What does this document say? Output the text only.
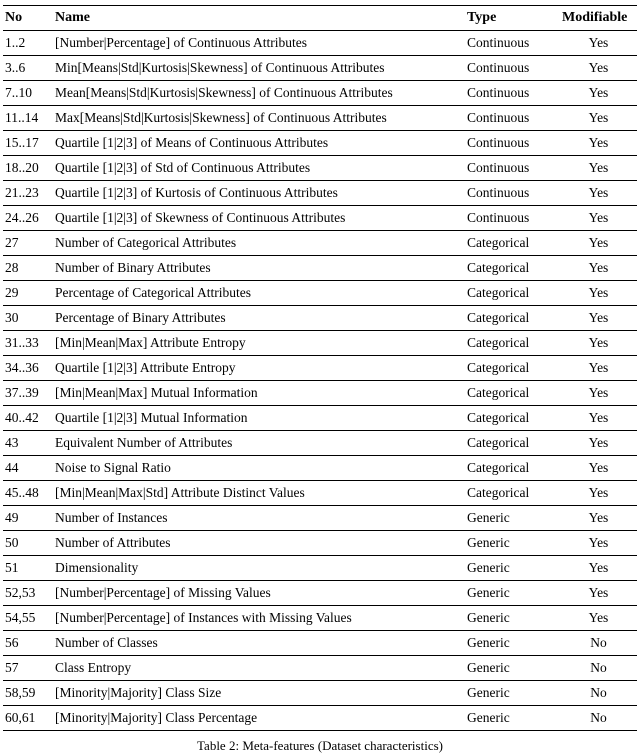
No	Name	Type	Modifiable
1..2	[Number|Percentage] of Continuous Attributes	Continuous	Yes
3..6	Min[Means|Std|Kurtosis|Skewness] of Continuous Attributes	Continuous	Yes
7..10	Mean[Means|Std|Kurtosis|Skewness] of Continuous Attributes	Continuous	Yes
11..14	Max[Means|Std|Kurtosis|Skewness] of Continuous Attributes	Continuous	Yes
15..17	Quartile [1|2|3] of Means of Continuous Attributes	Continuous	Yes
18..20	Quartile [1|2|3] of Std of Continuous Attributes	Continuous	Yes
21..23	Quartile [1|2|3] of Kurtosis of Continuous Attributes	Continuous	Yes
24..26	Quartile [1|2|3] of Skewness of Continuous Attributes	Continuous	Yes
27	Number of Categorical Attributes	Categorical	Yes
28	Number of Binary Attributes	Categorical	Yes
29	Percentage of Categorical Attributes	Categorical	Yes
30	Percentage of Binary Attributes	Categorical	Yes
31..33	[Min|Mean|Max] Attribute Entropy	Categorical	Yes
34..36	Quartile [1|2|3] Attribute Entropy	Categorical	Yes
37..39	[Min|Mean|Max] Mutual Information	Categorical	Yes
40..42	Quartile [1|2|3] Mutual Information	Categorical	Yes
43	Equivalent Number of Attributes	Categorical	Yes
44	Noise to Signal Ratio	Categorical	Yes
45..48	[Min|Mean|Max|Std] Attribute Distinct Values	Categorical	Yes
49	Number of Instances	Generic	Yes
50	Number of Attributes	Generic	Yes
51	Dimensionality	Generic	Yes
52,53	[Number|Percentage] of Missing Values	Generic	Yes
54,55	[Number|Percentage] of Instances with Missing Values	Generic	Yes
56	Number of Classes	Generic	No
57	Class Entropy	Generic	No
58,59	[Minority|Majority] Class Size	Generic	No
60,61	[Minority|Majority] Class Percentage	Generic	No
Table 2: Meta-features (Dataset characteristics)
